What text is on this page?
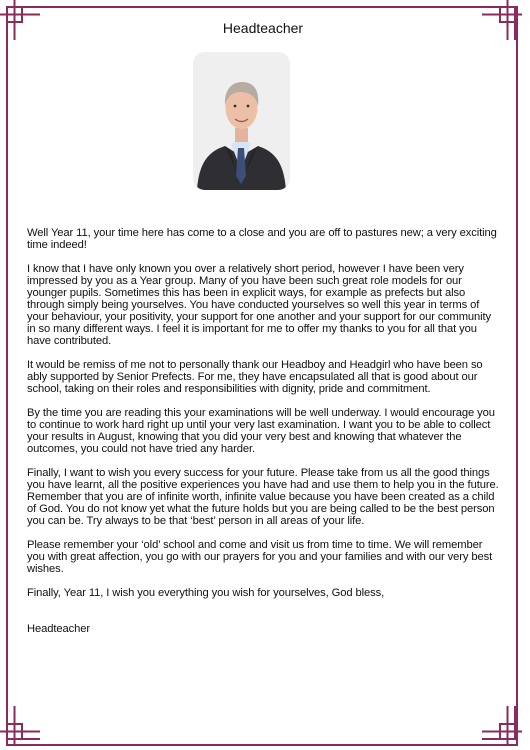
Headteacher

Well Year 11, your time here has come to a close and you are off to pastures new; a very exciting time indeed!

I know that I have only known you over a relatively short period, however I have been very impressed by you as a Year group. Many of you have been such great role models for our younger pupils. Sometimes this has been in explicit ways, for example as prefects but also through simply being yourselves. You have conducted yourselves so well this year in terms of your behaviour, your positivity, your support for one another and your support for our community in so many different ways. I feel it is important for me to offer my thanks to you for all that you have contributed.

It would be remiss of me not to personally thank our Headboy and Headgirl who have been so ably supported by Senior Prefects. For me, they have encapsulated all that is good about our school, taking on their roles and responsibilities with dignity, pride and commitment.

By the time you are reading this your examinations will be well underway. I would encourage you to continue to work hard right up until your very last examination. I want you to be able to collect your results in August, knowing that you did your very best and knowing that whatever the outcomes, you could not have tried any harder.

Finally, I want to wish you every success for your future. Please take from us all the good things you have learnt, all the positive experiences you have had and use them to help you in the future. Remember that you are of infinite worth, infinite value because you have been created as a child of God. You do not know yet what the future holds but you are being called to be the best person you can be. Try always to be that ‘best’ person in all areas of your life.

Please remember your ‘old’ school and come and visit us from time to time. We will remember you with great affection, you go with our prayers for you and your families and with our very best wishes.

Finally, Year 11, I wish you everything you wish for yourselves, God bless,

Headteacher
